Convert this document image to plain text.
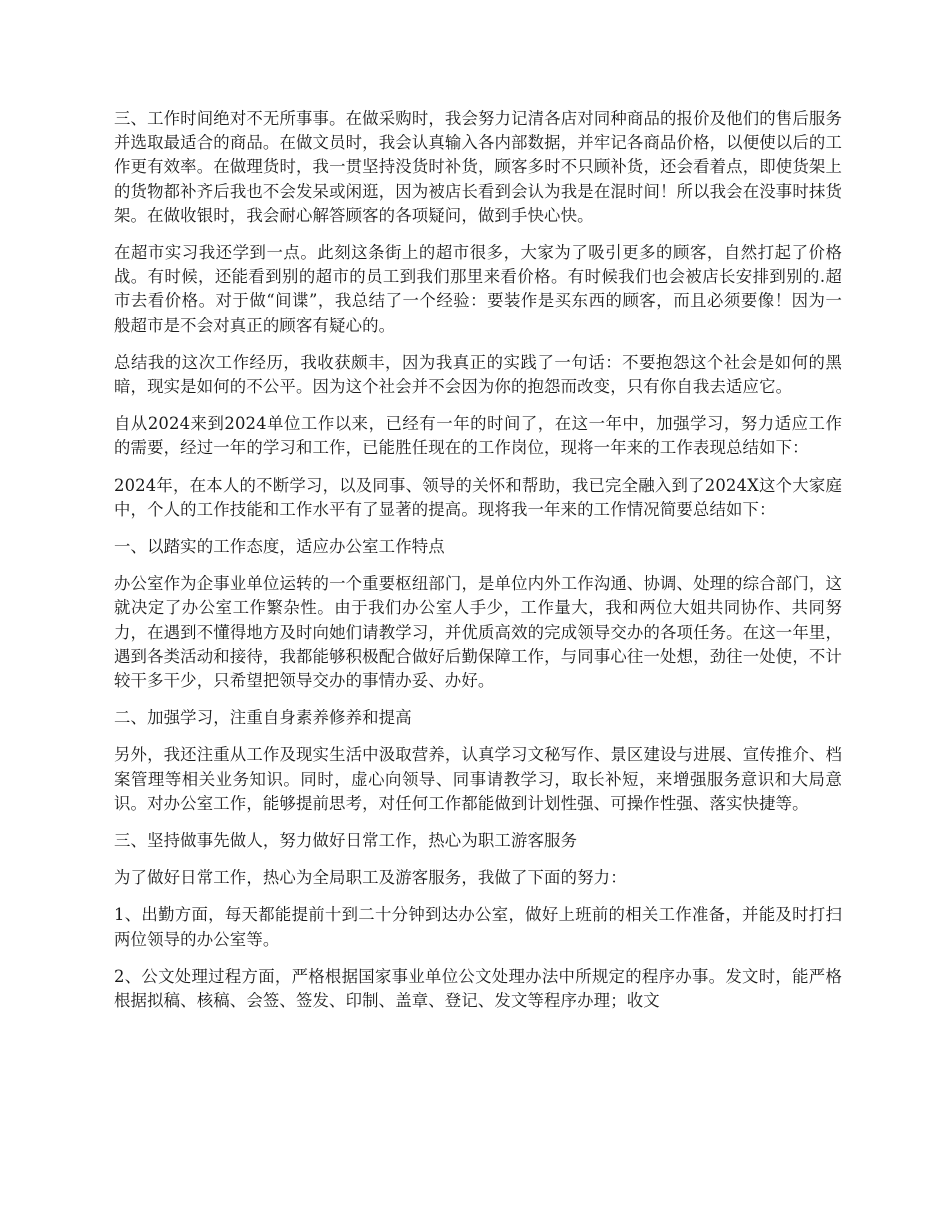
三、工作时间绝对不无所事事。在做采购时，我会努力记清各店对同种商品的报价及他们的售后服务并选取最适合的商品。在做文员时，我会认真输入各内部数据，并牢记各商品价格，以便使以后的工作更有效率。在做理货时，我一贯坚持没货时补货，顾客多时不只顾补货，还会看着点，即使货架上的货物都补齐后我也不会发呆或闲逛，因为被店长看到会认为我是在混时间！所以我会在没事时抹货架。在做收银时，我会耐心解答顾客的各项疑问，做到手快心快。

在超市实习我还学到一点。此刻这条街上的超市很多，大家为了吸引更多的顾客，自然打起了价格战。有时候，还能看到别的超市的员工到我们那里来看价格。有时候我们也会被店长安排到别的.超市去看价格。对于做“间谍”，我总结了一个经验：要装作是买东西的顾客，而且必须要像！因为一般超市是不会对真正的顾客有疑心的。

总结我的这次工作经历，我收获颇丰，因为我真正的实践了一句话：不要抱怨这个社会是如何的黑暗，现实是如何的不公平。因为这个社会并不会因为你的抱怨而改变，只有你自我去适应它。

自从2024来到2024单位工作以来，已经有一年的时间了，在这一年中，加强学习，努力适应工作的需要，经过一年的学习和工作，已能胜任现在的工作岗位，现将一年来的工作表现总结如下：

2024年，在本人的不断学习，以及同事、领导的关怀和帮助，我已完全融入到了2024X这个大家庭中，个人的工作技能和工作水平有了显著的提高。现将我一年来的工作情况简要总结如下：

一、以踏实的工作态度，适应办公室工作特点

办公室作为企事业单位运转的一个重要枢纽部门，是单位内外工作沟通、协调、处理的综合部门，这就决定了办公室工作繁杂性。由于我们办公室人手少，工作量大，我和两位大姐共同协作、共同努力，在遇到不懂得地方及时向她们请教学习，并优质高效的完成领导交办的各项任务。在这一年里，遇到各类活动和接待，我都能够积极配合做好后勤保障工作，与同事心往一处想，劲往一处使，不计较干多干少，只希望把领导交办的事情办妥、办好。

二、加强学习，注重自身素养修养和提高

另外，我还注重从工作及现实生活中汲取营养，认真学习文秘写作、景区建设与进展、宣传推介、档案管理等相关业务知识。同时，虚心向领导、同事请教学习，取长补短，来增强服务意识和大局意识。对办公室工作，能够提前思考，对任何工作都能做到计划性强、可操作性强、落实快捷等。

三、坚持做事先做人，努力做好日常工作，热心为职工游客服务

为了做好日常工作，热心为全局职工及游客服务，我做了下面的努力：

1、出勤方面，每天都能提前十到二十分钟到达办公室，做好上班前的相关工作准备，并能及时打扫两位领导的办公室等。

2、公文处理过程方面，严格根据国家事业单位公文处理办法中所规定的程序办事。发文时，能严格根据拟稿、核稿、会签、签发、印制、盖章、登记、发文等程序办理；收文
